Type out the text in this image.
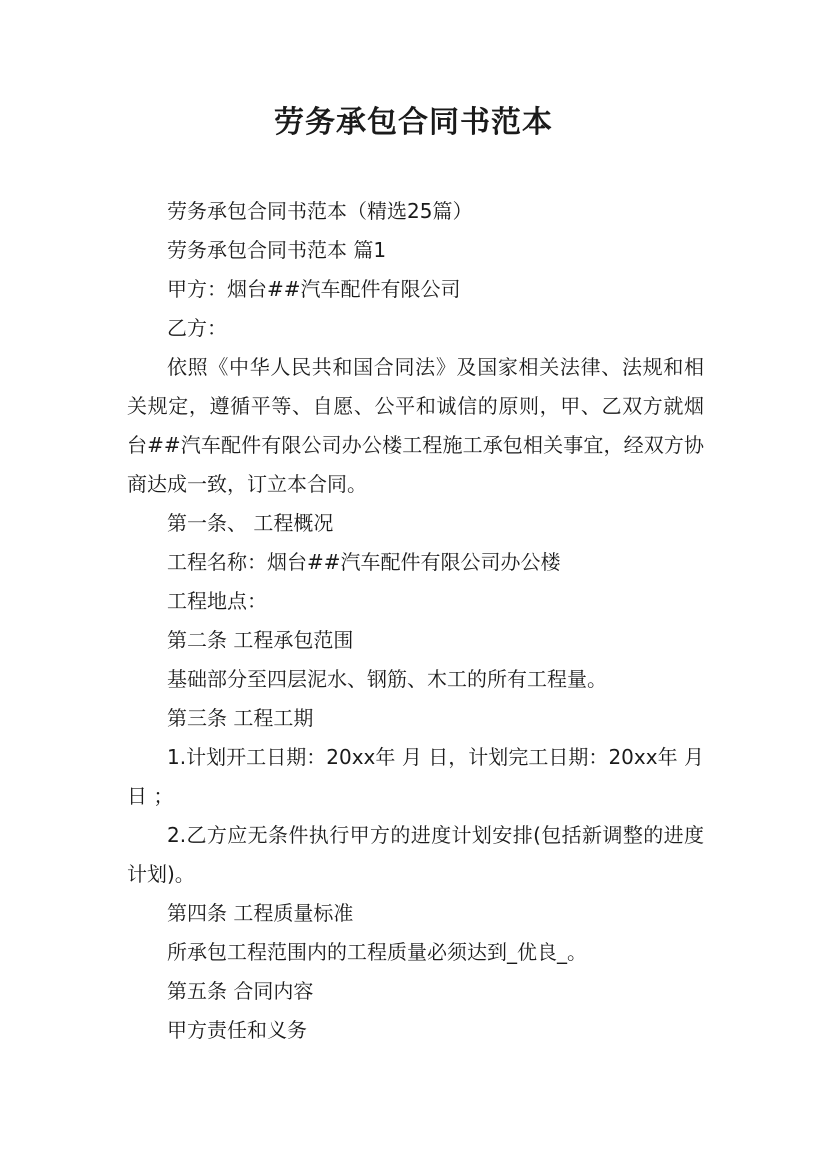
劳务承包合同书范本

劳务承包合同书范本（精选25篇）

劳务承包合同书范本 篇1

甲方：烟台##汽车配件有限公司

乙方：

依照《中华人民共和国合同法》及国家相关法律、法规和相关规定，遵循平等、自愿、公平和诚信的原则，甲、乙双方就烟台##汽车配件有限公司办公楼工程施工承包相关事宜，经双方协商达成一致，订立本合同。

第一条、 工程概况

工程名称：烟台##汽车配件有限公司办公楼

工程地点：

第二条 工程承包范围

基础部分至四层泥水、钢筋、木工的所有工程量。

第三条 工程工期

1.计划开工日期：20xx年 月 日，计划完工日期：20xx年 月日 ；

2.乙方应无条件执行甲方的进度计划安排(包括新调整的进度计划)。

第四条 工程质量标准

所承包工程范围内的工程质量必须达到_优良_。

第五条 合同内容

甲方责任和义务
